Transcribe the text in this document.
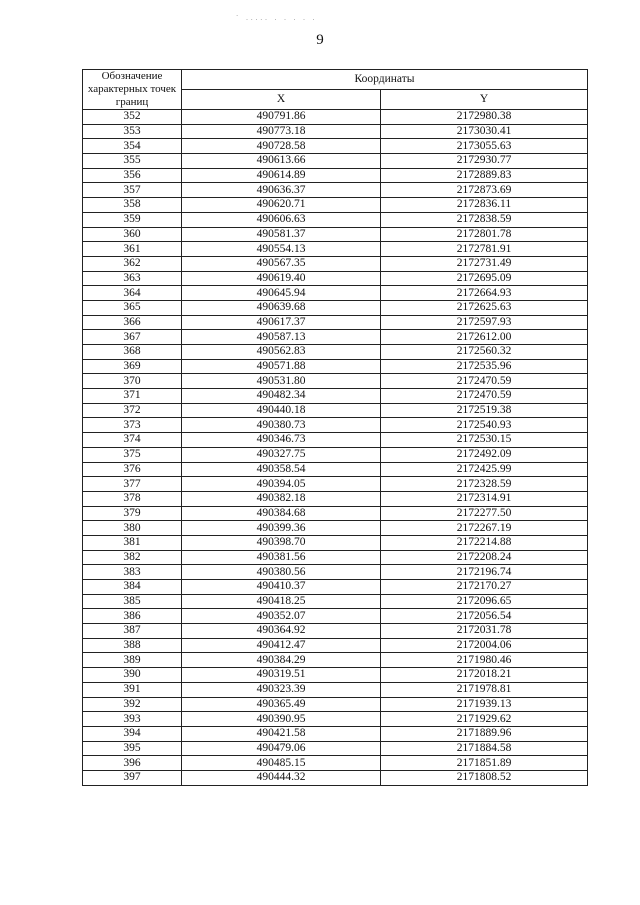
` ..... . . . . .
9
Обозначение характерных точек границ	Координаты	
	X	Y
352	490791.86	2172980.38
353	490773.18	2173030.41
354	490728.58	2173055.63
355	490613.66	2172930.77
356	490614.89	2172889.83
357	490636.37	2172873.69
358	490620.71	2172836.11
359	490606.63	2172838.59
360	490581.37	2172801.78
361	490554.13	2172781.91
362	490567.35	2172731.49
363	490619.40	2172695.09
364	490645.94	2172664.93
365	490639.68	2172625.63
366	490617.37	2172597.93
367	490587.13	2172612.00
368	490562.83	2172560.32
369	490571.88	2172535.96
370	490531.80	2172470.59
371	490482.34	2172470.59
372	490440.18	2172519.38
373	490380.73	2172540.93
374	490346.73	2172530.15
375	490327.75	2172492.09
376	490358.54	2172425.99
377	490394.05	2172328.59
378	490382.18	2172314.91
379	490384.68	2172277.50
380	490399.36	2172267.19
381	490398.70	2172214.88
382	490381.56	2172208.24
383	490380.56	2172196.74
384	490410.37	2172170.27
385	490418.25	2172096.65
386	490352.07	2172056.54
387	490364.92	2172031.78
388	490412.47	2172004.06
389	490384.29	2171980.46
390	490319.51	2172018.21
391	490323.39	2171978.81
392	490365.49	2171939.13
393	490390.95	2171929.62
394	490421.58	2171889.96
395	490479.06	2171884.58
396	490485.15	2171851.89
397	490444.32	2171808.52
